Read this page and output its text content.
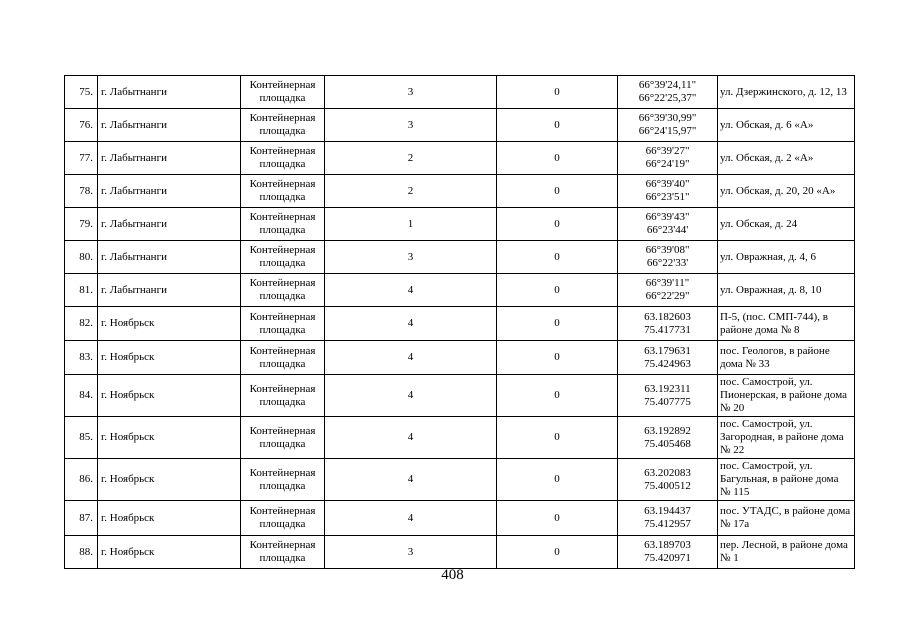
75.	г. Лабытнанги	Контейнерная площадка	3	0	66°39'24,11"
66°22'25,37"	ул. Дзержинского, д. 12, 13
76.	г. Лабытнанги	Контейнерная площадка	3	0	66°39'30,99"
66°24'15,97"	ул. Обская, д. 6 «А»
77.	г. Лабытнанги	Контейнерная площадка	2	0	66°39'27"
66°24'19"	ул. Обская, д. 2 «А»
78.	г. Лабытнанги	Контейнерная площадка	2	0	66°39'40"
66°23'51"	ул. Обская, д. 20, 20 «А»
79.	г. Лабытнанги	Контейнерная площадка	1	0	66°39'43"
66°23'44'	ул. Обская, д. 24
80.	г. Лабытнанги	Контейнерная площадка	3	0	66°39'08"
66°22'33'	ул. Овражная, д. 4, 6
81.	г. Лабытнанги	Контейнерная площадка	4	0	66°39'11"
66°22'29"	ул. Овражная, д. 8, 10
82.	г. Ноябрьск	Контейнерная площадка	4	0	63.182603
75.417731	П-5, (пос. СМП-744), в районе дома № 8
83.	г. Ноябрьск	Контейнерная площадка	4	0	63.179631
75.424963	пос. Геологов, в районе дома № 33
84.	г. Ноябрьск	Контейнерная площадка	4	0	63.192311
75.407775	пос. Самострой, ул. Пионерская, в районе дома № 20
85.	г. Ноябрьск	Контейнерная площадка	4	0	63.192892
75.405468	пос. Самострой, ул. Загородная, в районе дома № 22
86.	г. Ноябрьск	Контейнерная площадка	4	0	63.202083
75.400512	пос. Самострой, ул. Багульная, в районе дома № 115
87.	г. Ноябрьск	Контейнерная площадка	4	0	63.194437
75.412957	пос. УТАДС, в районе дома № 17а
88.	г. Ноябрьск	Контейнерная площадка	3	0	63.189703
75.420971	пер. Лесной, в районе дома № 1
408
